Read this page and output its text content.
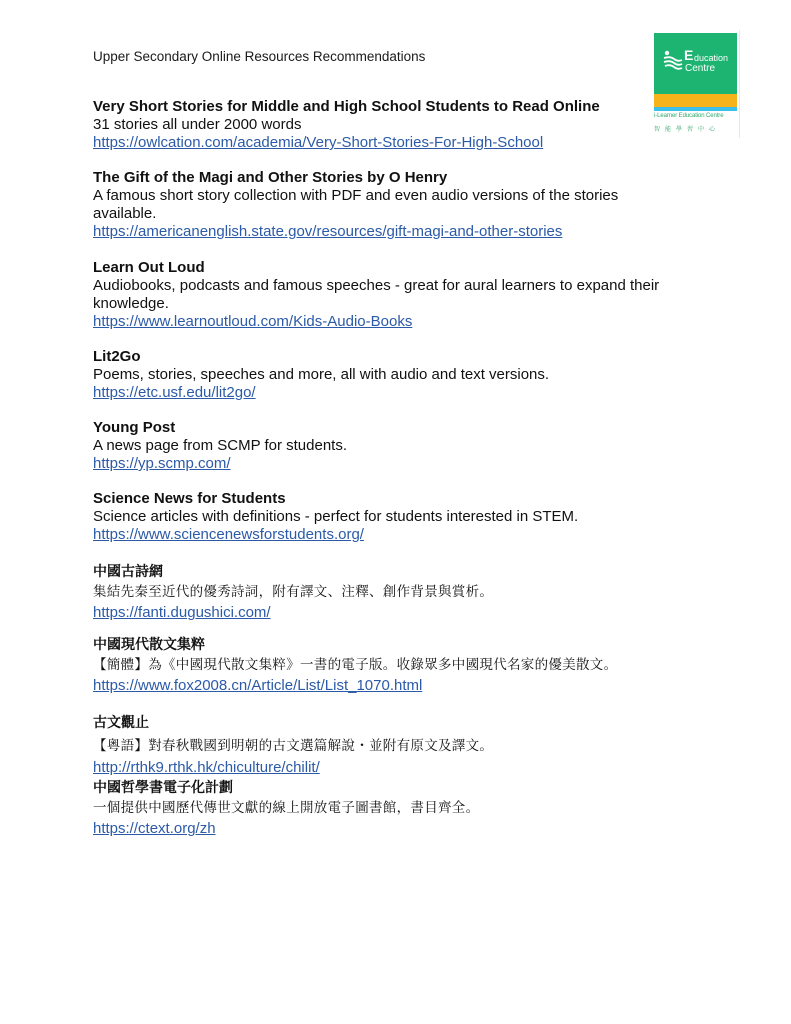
Upper Secondary Online Resources Recommendations	E ducation
Centre
i-Learner Education Centre
智能學習中心
Very Short Stories for Middle and High School Students to Read Online
31 stories all under 2000 words
https://owlcation.com/academia/Very-Short-Stories-For-High-School
The Gift of the Magi and Other Stories by O Henry
A famous short story collection with PDF and even audio versions of the stories available.
https://americanenglish.state.gov/resources/gift-magi-and-other-stories
Learn Out Loud
Audiobooks, podcasts and famous speeches - great for aural learners to expand their knowledge.
https://www.learnoutloud.com/Kids-Audio-Books
Lit2Go
Poems, stories, speeches and more, all with audio and text versions.
https://etc.usf.edu/lit2go/
Young Post
A news page from SCMP for students.
https://yp.scmp.com/
Science News for Students
Science articles with definitions - perfect for students interested in STEM.
https://www.sciencenewsforstudents.org/
中國古詩網
集結先秦至近代的優秀詩詞，附有譯文、注釋、創作背景與賞析。
https://fanti.dugushici.com/
中國現代散文集粹
【簡體】為《中國現代散文集粹》一書的電子版。收錄眾多中國現代名家的優美散文。
https://www.fox2008.cn/Article/List/List_1070.html
古文觀止
【粵語】對春秋戰國到明朝的古文選篇解說・並附有原文及譯文。
http://rthk9.rthk.hk/chiculture/chilit/
中國哲學書電子化計劃
一個提供中國歷代傳世文獻的線上開放電子圖書館，書目齊全。
https://ctext.org/zh
